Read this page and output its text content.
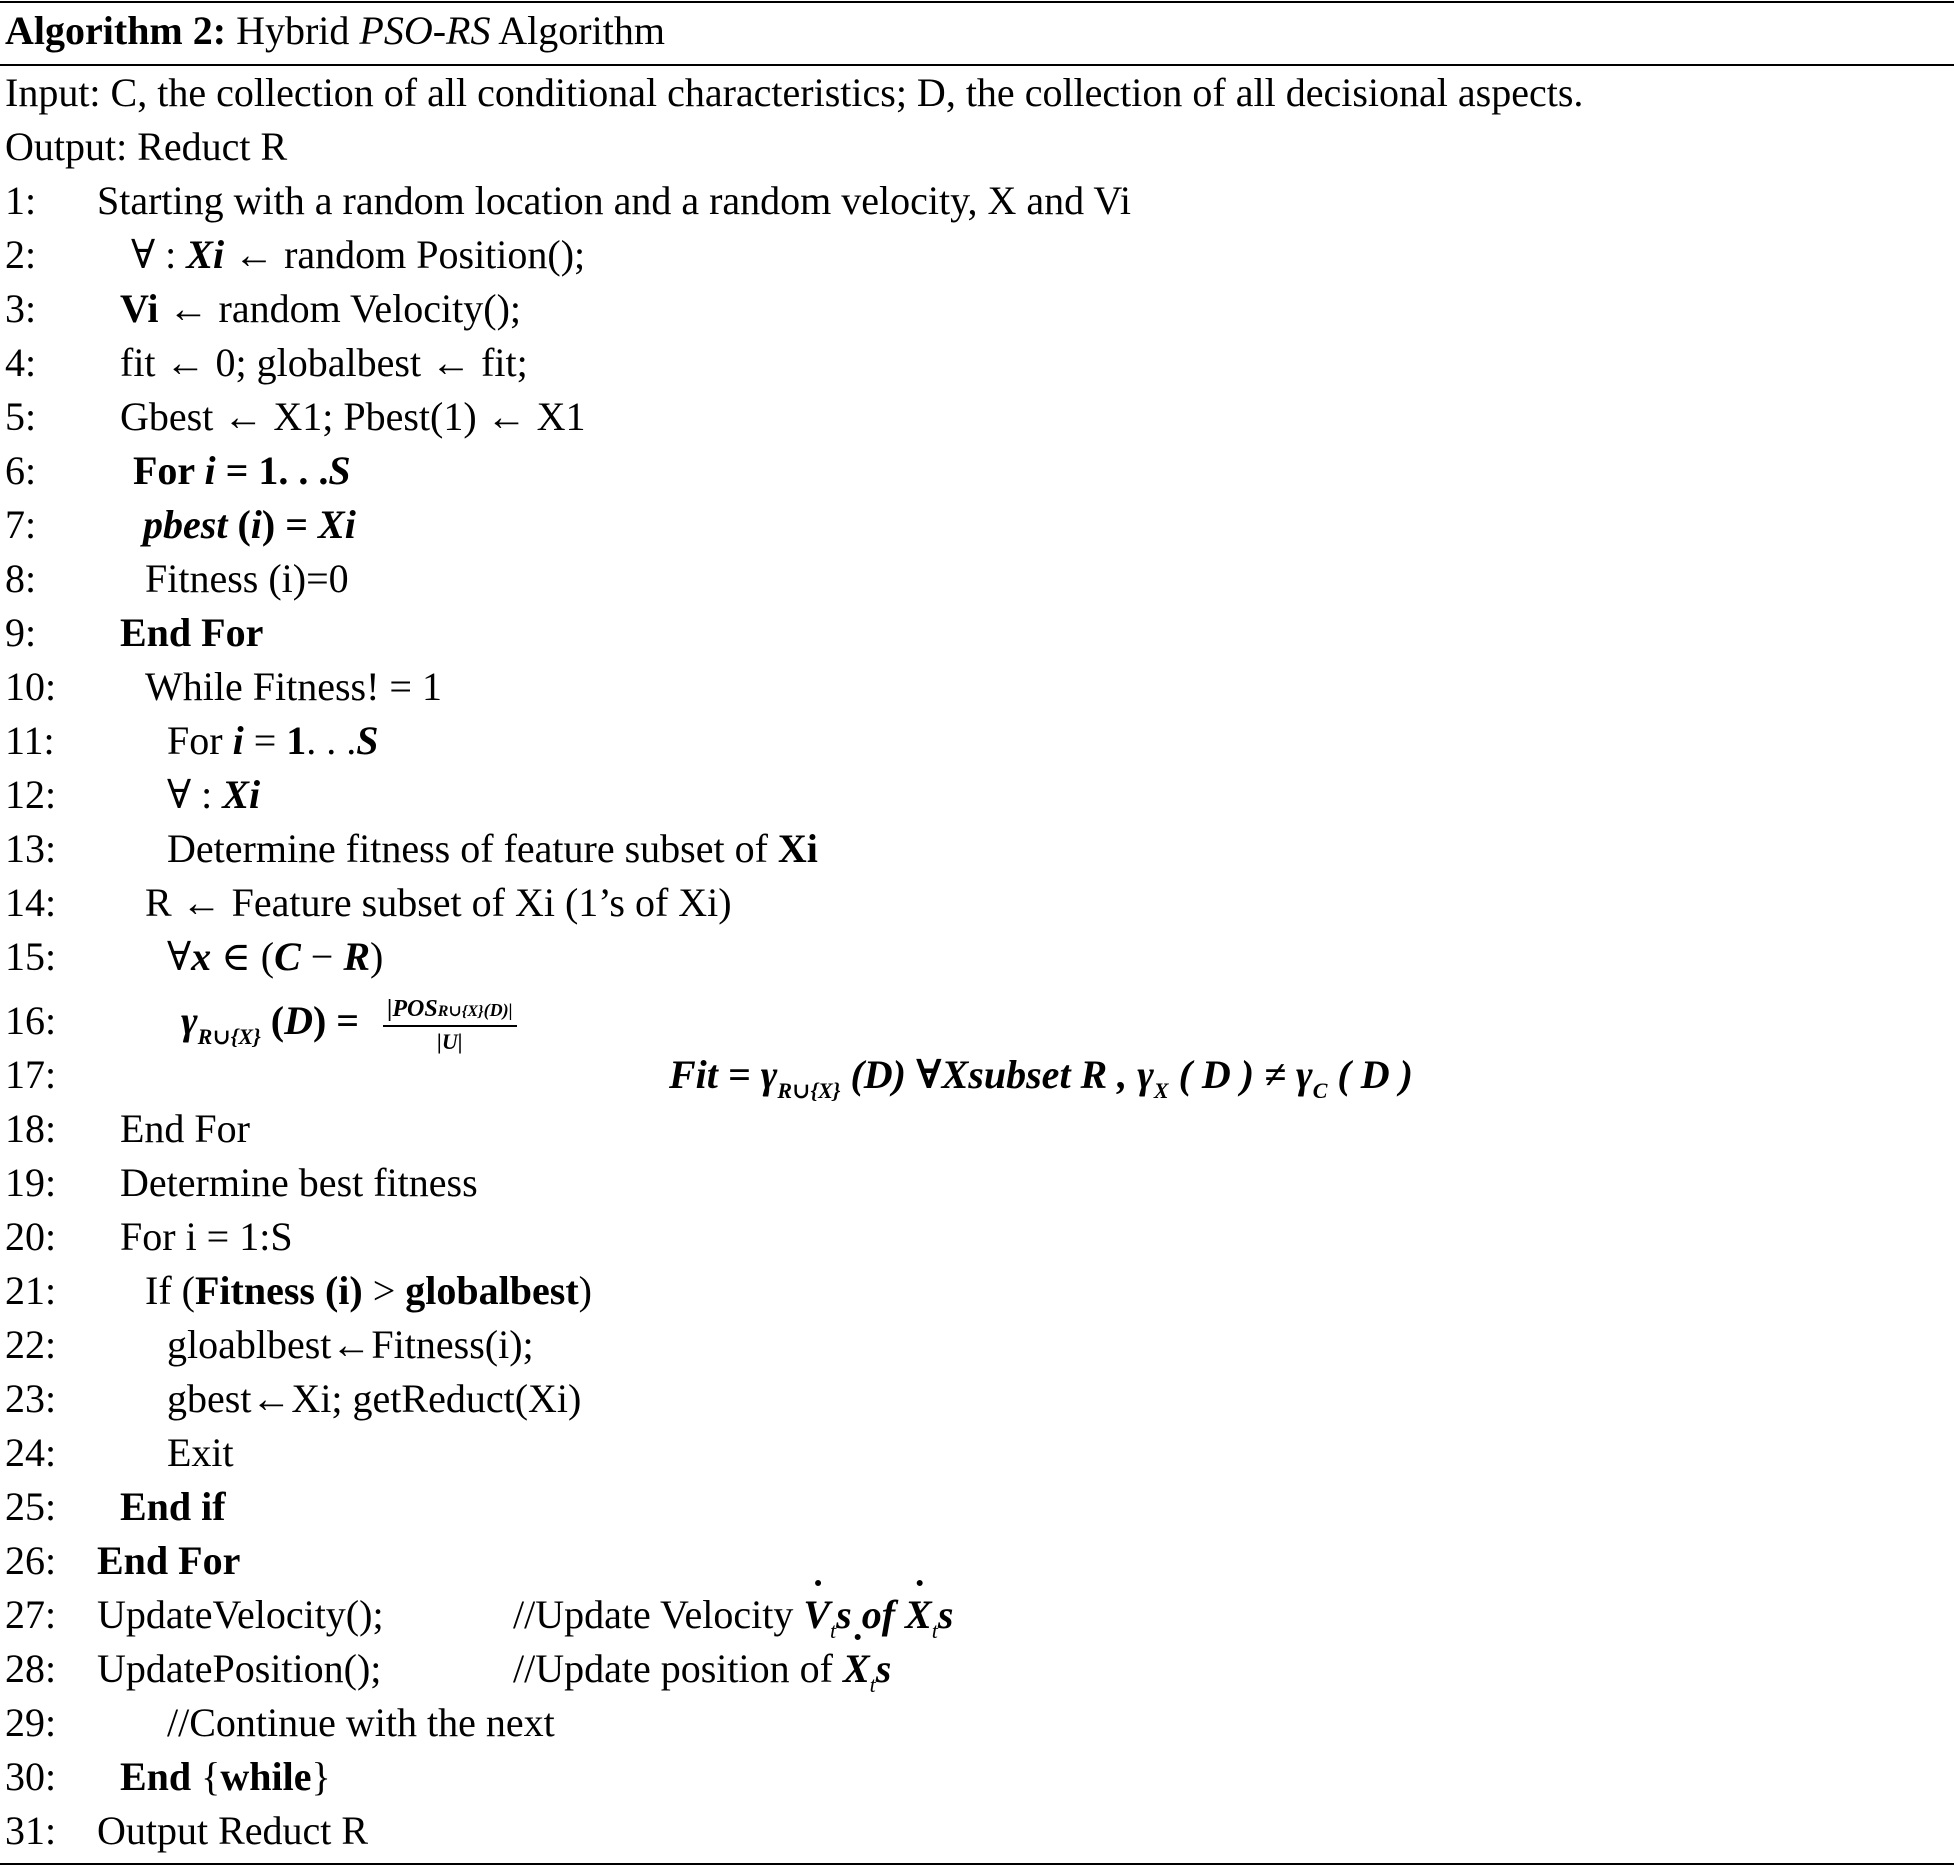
Algorithm 2: Hybrid PSO-RS Algorithm
Input: C, the collection of all conditional characteristics; D, the collection of all decisional aspects.
Output: Reduct R
1: Starting with a random location and a random velocity, X and Vi
2: ∀ : Xi ← random Position();
3: Vi ← random Velocity();
4: fit ← 0; globalbest ← fit;
5: Gbest ← X1; Pbest(1) ← X1
6: For i = 1. . .S
7:	pbest (i) = Xi
8:	Fitness (i)=0
9: End For
10: While Fitness! = 1
11:	For i = 1. . .S
12:	∀ : Xi
13:	Determine fitness of feature subset of Xi
14: R ← Feature subset of Xi (1’s of Xi)
15:	∀x ∈ (C − R)
16:	$\gamma_{R\cup\{X\}}$ $(D) = \frac{\text{|POSR∪\{X\}(D)|}}{|U|}$
17:	Fit = $\gamma_{R\cup\{X\}}$ (D) ∀Xsubset R , $\gamma_X$ ( D ) ≠ $\gamma_C$ ( D )
18: End For
19: Determine best fitness
20: For i = 1:S
21: If (Fitness (i) > globalbest)
22:	gloablbest←Fitness(i);
23:	gbest←Xi; getReduct(Xi)
24:	Exit
25: End if
26: End For
27: UpdateVelocity();	//Update Velocity ˙ $V_ts$ of ˙ $X_ts$
28: UpdatePosition();	//Update position of ˙ $X_ts$
29:	//Continue with the next
30: End {while}
31: Output Reduct R
